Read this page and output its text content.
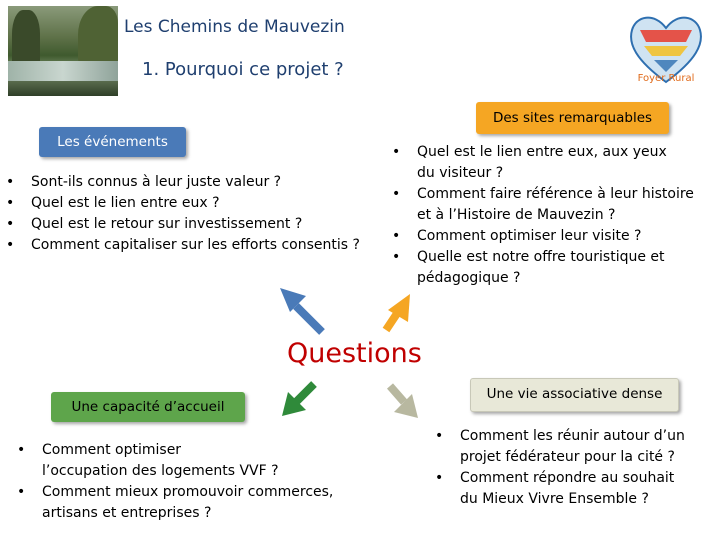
Les Chemins de Mauvezin
1. Pourquoi ce projet ?	Foyer Rural
Les événements
• Sont-ils connus à leur juste valeur ?
• Quel est le lien entre eux ?
• Quel est le retour sur investissement ?
• Comment capitaliser sur les efforts consentis ?
Des sites remarquables
• Quel est le lien entre eux, aux yeux
du visiteur ?
• Comment faire référence à leur histoire
et à l’Histoire de Mauvezin ?
• Comment optimiser leur visite ?
• Quelle est notre offre touristique et
pédagogique ?
Questions
Une capacité d’accueil
• Comment optimiser
l’occupation des logements VVF ?
• Comment mieux promouvoir commerces,
artisans et entreprises ?
Une vie associative dense
• Comment les réunir autour d’un
projet fédérateur pour la cité ?
• Comment répondre au souhait
du Mieux Vivre Ensemble ?
